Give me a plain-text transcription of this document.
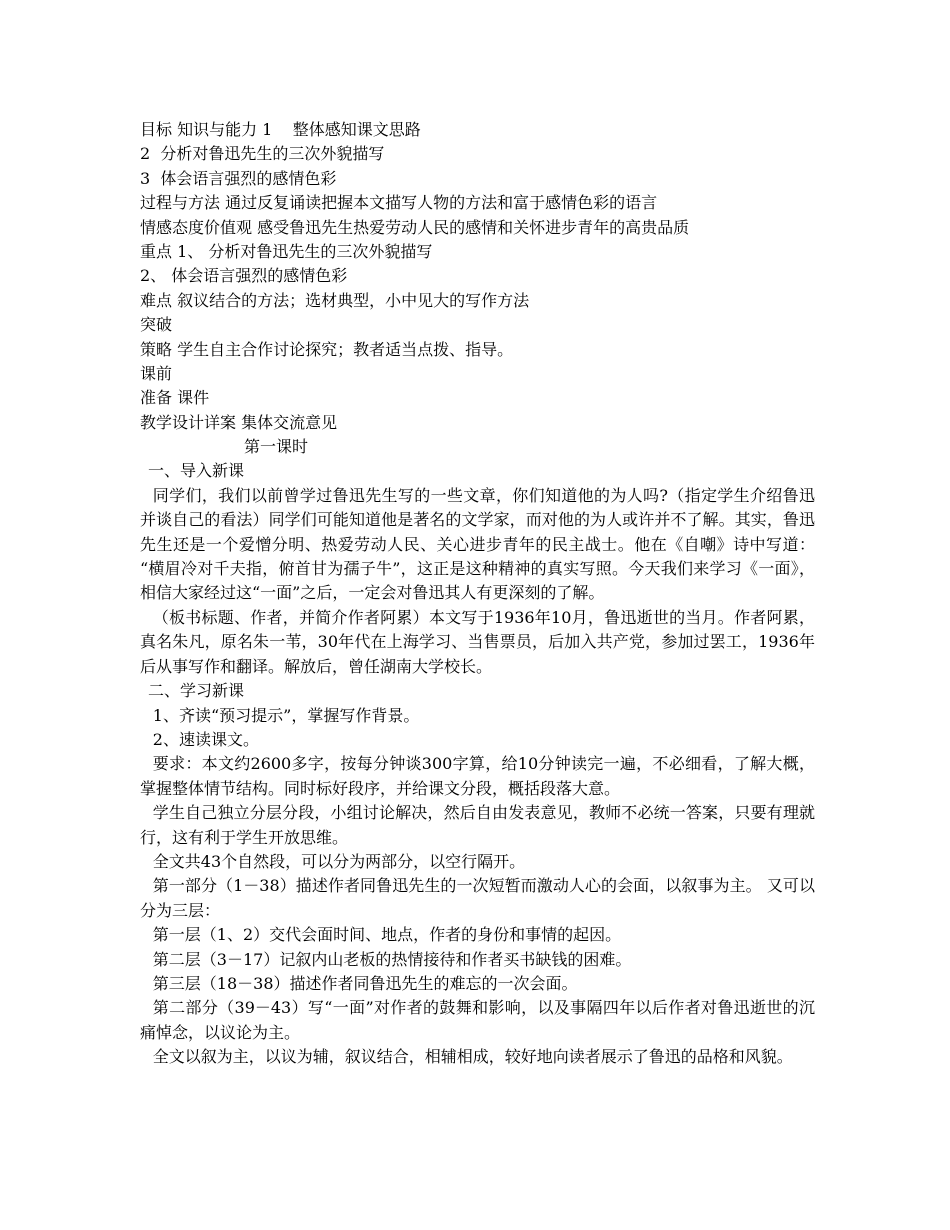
目标 知识与能力 1    整体感知课文思路
2  分析对鲁迅先生的三次外貌描写
3  体会语言强烈的感情色彩
过程与方法 通过反复诵读把握本文描写人物的方法和富于感情色彩的语言
情感态度价值观 感受鲁迅先生热爱劳动人民的感情和关怀进步青年的高贵品质
重点 1、 分析对鲁迅先生的三次外貌描写
2、 体会语言强烈的感情色彩
难点 叙议结合的方法；选材典型，小中见大的写作方法
突破
策略 学生自主合作讨论探究；教者适当点拨、指导。
课前
准备 课件
教学设计详案 集体交流意见
第一课时
一、导入新课
同学们，我们以前曾学过鲁迅先生写的一些文章，你们知道他的为人吗?（指定学生介绍鲁迅并谈自己的看法）同学们可能知道他是著名的文学家，而对他的为人或许并不了解。其实，鲁迅先生还是一个爱憎分明、热爱劳动人民、关心进步青年的民主战士。他在《自嘲》诗中写道： “横眉冷对千夫指，俯首甘为孺子牛”，这正是这种精神的真实写照。今天我们来学习《一面》，相信大家经过这“一面”之后，一定会对鲁迅其人有更深刻的了解。
（板书标题、作者，并简介作者阿累）本文写于1936年10月，鲁迅逝世的当月。作者阿累，真名朱凡，原名朱一苇，30年代在上海学习、当售票员，后加入共产党，参加过罢工，1936年后从事写作和翻译。解放后，曾任湖南大学校长。
二、学习新课
1、齐读“预习提示”，掌握写作背景。
2、速读课文。
要求：本文约2600多字，按每分钟谈300字算，给10分钟读完一遍，不必细看，了解大概，掌握整体情节结构。同时标好段序，并给课文分段，概括段落大意。
学生自己独立分层分段，小组讨论解决，然后自由发表意见，教师不必统一答案，只要有理就行，这有利于学生开放思维。
全文共43个自然段，可以分为两部分，以空行隔开。
第一部分（1－38）描述作者同鲁迅先生的一次短暂而激动人心的会面，以叙事为主。 又可以分为三层：
第一层（1、2）交代会面时间、地点，作者的身份和事情的起因。
第二层（3－17）记叙内山老板的热情接待和作者买书缺钱的困难。
第三层（18－38）描述作者同鲁迅先生的难忘的一次会面。
第二部分（39－43）写“一面”对作者的鼓舞和影响，以及事隔四年以后作者对鲁迅逝世的沉痛悼念，以议论为主。
全文以叙为主，以议为辅，叙议结合，相辅相成，较好地向读者展示了鲁迅的品格和风貌。
